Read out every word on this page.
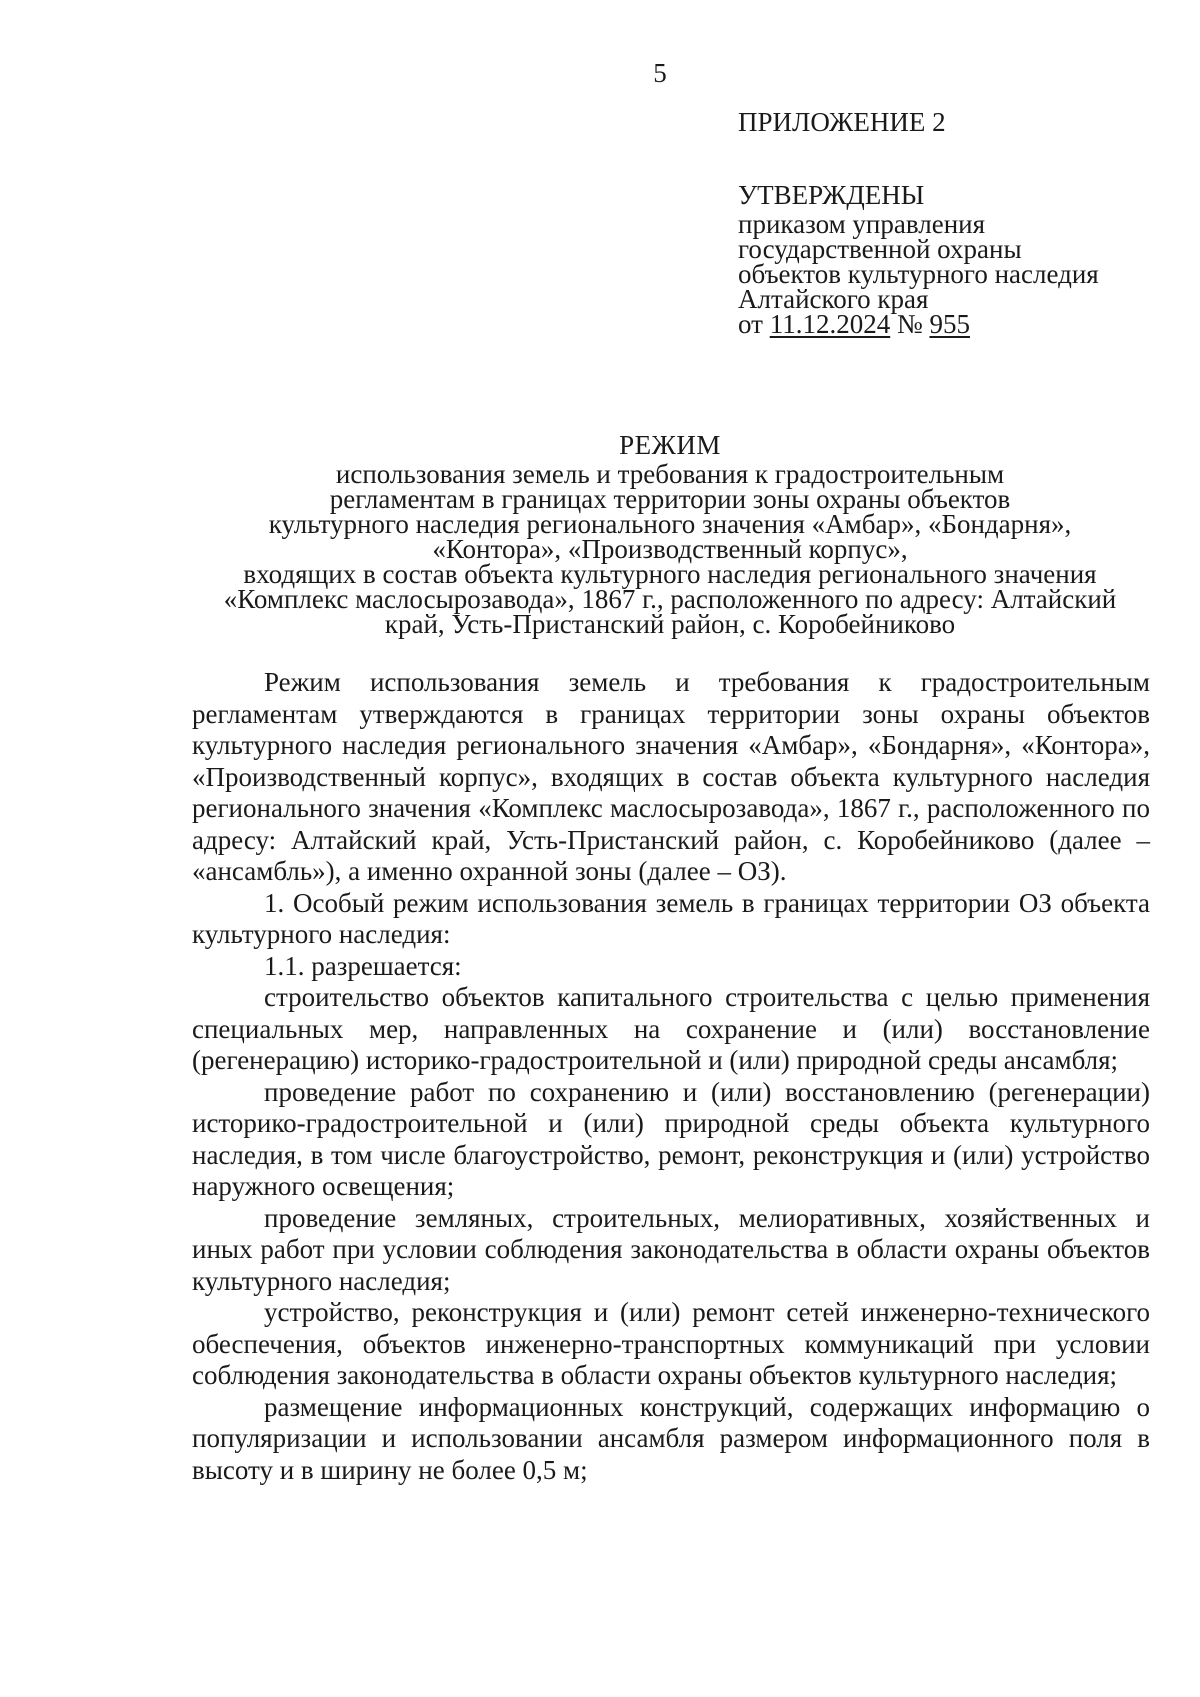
5
ПРИЛОЖЕНИЕ 2
УТВЕРЖДЕНЫ
приказом управления
государственной охраны
объектов культурного наследия
Алтайского края
от 11.12.2024 № 955
РЕЖИМ
использования земель и требования к градостроительным
регламентам в границах территории зоны охраны объектов
культурного наследия регионального значения «Амбар», «Бондарня»,
«Контора», «Производственный корпус»,
входящих в состав объекта культурного наследия регионального значения
«Комплекс маслосырозавода», 1867 г., расположенного по адресу: Алтайский
край, Усть-Пристанский район, с. Коробейниково

Режим использования земель и требования к градостроительным регламентам утверждаются в границах территории зоны охраны объектов культурного наследия регионального значения «Амбар», «Бондарня», «Контора», «Производственный корпус», входящих в состав объекта культурного наследия регионального значения «Комплекс маслосырозавода», 1867 г., расположенного по адресу: Алтайский край, Усть-Пристанский район, с. Коробейниково (далее – «ансамбль»), а именно охранной зоны (далее – ОЗ).

1. Особый режим использования земель в границах территории ОЗ объекта культурного наследия:

1.1. разрешается:

строительство объектов капитального строительства с целью применения специальных мер, направленных на сохранение и (или) восстановление (регенерацию) историко-градостроительной и (или) природной среды ансамбля;

проведение работ по сохранению и (или) восстановлению (регенерации) историко-градостроительной и (или) природной среды объекта культурного наследия, в том числе благоустройство, ремонт, реконструкция и (или) устройство наружного освещения;

проведение земляных, строительных, мелиоративных, хозяйственных и иных работ при условии соблюдения законодательства в области охраны объектов культурного наследия;

устройство, реконструкция и (или) ремонт сетей инженерно-технического обеспечения, объектов инженерно-транспортных коммуникаций при условии соблюдения законодательства в области охраны объектов культурного наследия;

размещение информационных конструкций, содержащих информацию о популяризации и использовании ансамбля размером информационного поля в высоту и в ширину не более 0,5 м;
